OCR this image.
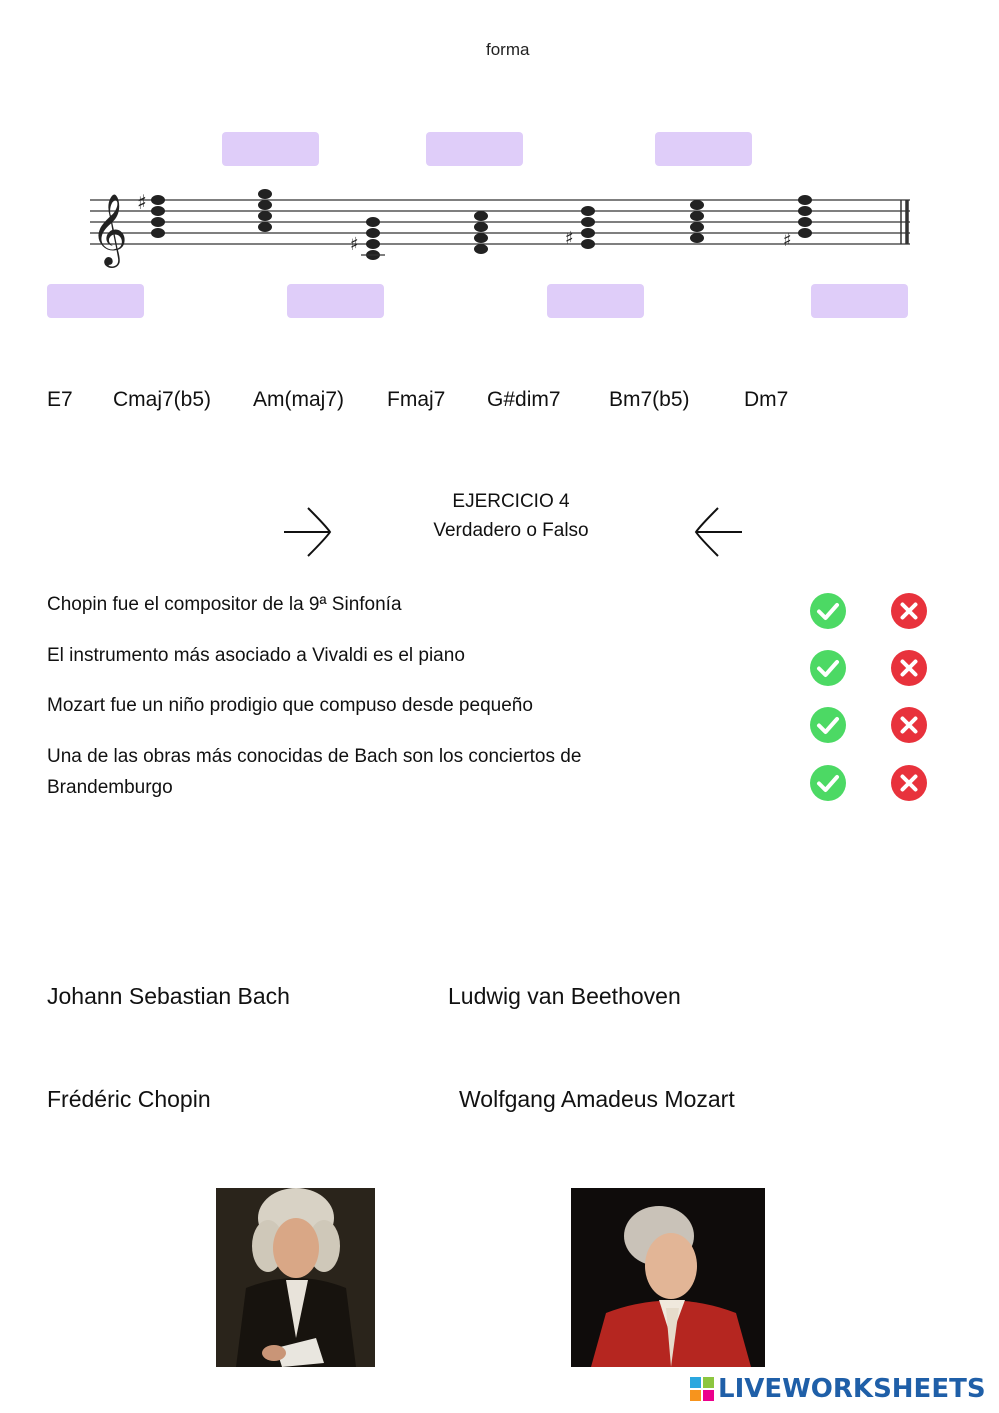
forma
𝄞 ♯
♯	♯	♯
E7 Cmaj7(b5) Am(maj7) Fmaj7 G#dim7 Bm7(b5)	Dm7
EJERCICIO 4
Verdadero o Falso
Chopin fue el compositor de la 9ª Sinfonía
El instrumento más asociado a Vivaldi es el piano
Mozart fue un niño prodigio que compuso desde pequeño
Una de las obras más conocidas de Bach son los conciertos de Brandemburgo
Johann Sebastian Bach	Ludwig van Beethoven
Frédéric Chopin	Wolfgang Amadeus Mozart
LIVEWORKSHEETS
